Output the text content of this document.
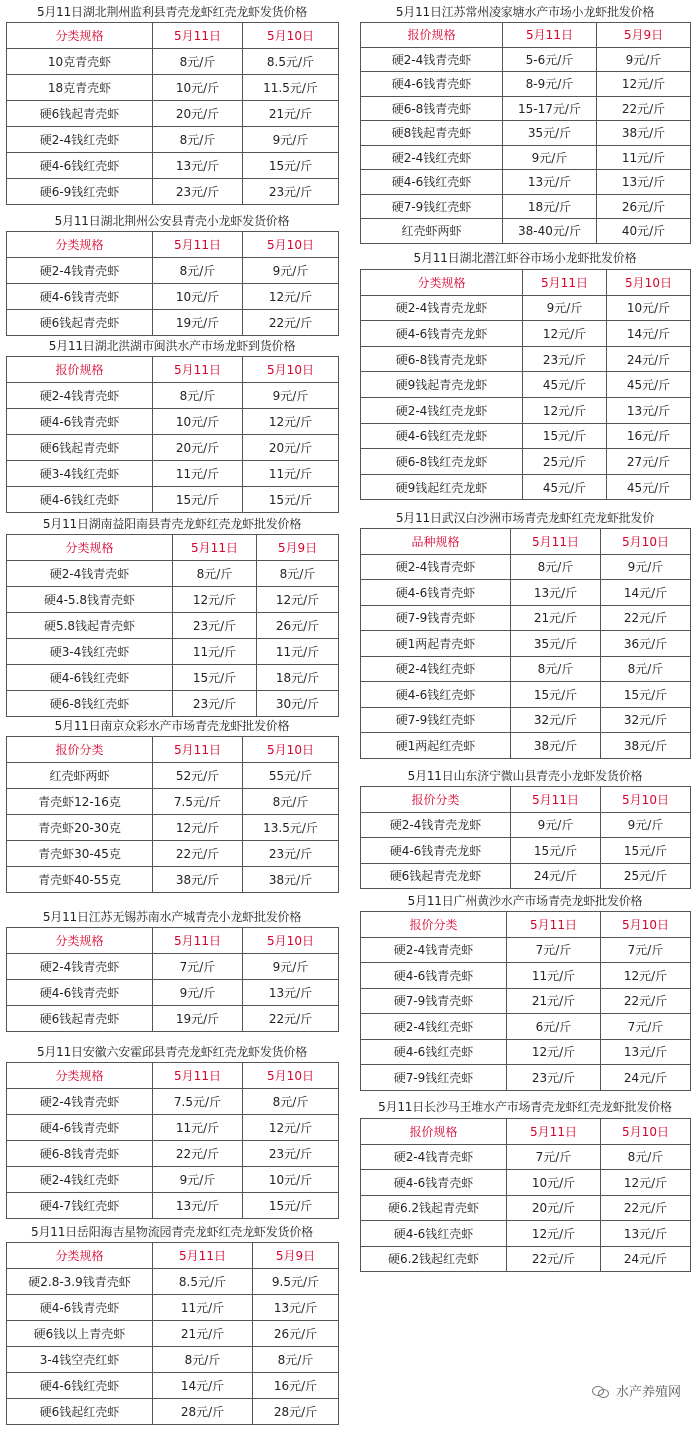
5月11日湖北荆州监利县青壳龙虾红壳龙虾发货价格
分类规格	5月11日	5月10日
10克青壳虾	8元/斤	8.5元/斤
18克青壳虾	10元/斤	11.5元/斤
硬6钱起青壳虾	20元/斤	21元/斤
硬2-4钱红壳虾	8元/斤	9元/斤
硬4-6钱红壳虾	13元/斤	15元/斤
硬6-9钱红壳虾	23元/斤	23元/斤
5月11日湖北荆州公安县青壳小龙虾发货价格
分类规格	5月11日	5月10日
硬2-4钱青壳虾	8元/斤	9元/斤
硬4-6钱青壳虾	10元/斤	12元/斤
硬6钱起青壳虾	19元/斤	22元/斤
5月11日湖北洪湖市闽洪水产市场龙虾到货价格
报价规格	5月11日	5月10日
硬2-4钱青壳虾	8元/斤	9元/斤
硬4-6钱青壳虾	10元/斤	12元/斤
硬6钱起青壳虾	20元/斤	20元/斤
硬3-4钱红壳虾	11元/斤	11元/斤
硬4-6钱红壳虾	15元/斤	15元/斤
5月11日湖南益阳南县青壳龙虾红壳龙虾批发价格
分类规格	5月11日	5月9日
硬2-4钱青壳虾	8元/斤	8元/斤
硬4-5.8钱青壳虾	12元/斤	12元/斤
硬5.8钱起青壳虾	23元/斤	26元/斤
硬3-4钱红壳虾	11元/斤	11元/斤
硬4-6钱红壳虾	15元/斤	18元/斤
硬6-8钱红壳虾	23元/斤	30元/斤
5月11日南京众彩水产市场青壳龙虾批发价格
报价分类	5月11日	5月10日
红壳虾两虾	52元/斤	55元/斤
青壳虾12-16克	7.5元/斤	8元/斤
青壳虾20-30克	12元/斤	13.5元/斤
青壳虾30-45克	22元/斤	23元/斤
青壳虾40-55克	38元/斤	38元/斤
5月11日江苏无锡苏南水产城青壳小龙虾批发价格
分类规格	5月11日	5月10日
硬2-4钱青壳虾	7元/斤	9元/斤
硬4-6钱青壳虾	9元/斤	13元/斤
硬6钱起青壳虾	19元/斤	22元/斤
5月11日安徽六安霍邱县青壳龙虾红壳龙虾发货价格
分类规格	5月11日	5月10日
硬2-4钱青壳虾	7.5元/斤	8元/斤
硬4-6钱青壳虾	11元/斤	12元/斤
硬6-8钱青壳虾	22元/斤	23元/斤
硬2-4钱红壳虾	9元/斤	10元/斤
硬4-7钱红壳虾	13元/斤	15元/斤
5月11日岳阳海吉星物流园青壳龙虾红壳龙虾发货价格
分类规格	5月11日	5月9日
硬2.8-3.9钱青壳虾	8.5元/斤	9.5元/斤
硬4-6钱青壳虾	11元/斤	13元/斤
硬6钱以上青壳虾	21元/斤	26元/斤
3-4钱空壳红虾	8元/斤	8元/斤
硬4-6钱红壳虾	14元/斤	16元/斤
硬6钱起红壳虾	28元/斤	28元/斤
5月11日江苏常州凌家塘水产市场小龙虾批发价格
报价规格	5月11日	5月9日
硬2-4钱青壳虾	5-6元/斤	9元/斤
硬4-6钱青壳虾	8-9元/斤	12元/斤
硬6-8钱青壳虾	15-17元/斤	22元/斤
硬8钱起青壳虾	35元/斤	38元/斤
硬2-4钱红壳虾	9元/斤	11元/斤
硬4-6钱红壳虾	13元/斤	13元/斤
硬7-9钱红壳虾	18元/斤	26元/斤
红壳虾两虾	38-40元/斤	40元/斤
5月11日湖北潜江虾谷市场小龙虾批发价格
分类规格	5月11日	5月10日
硬2-4钱青壳龙虾	9元/斤	10元/斤
硬4-6钱青壳龙虾	12元/斤	14元/斤
硬6-8钱青壳龙虾	23元/斤	24元/斤
硬9钱起青壳龙虾	45元/斤	45元/斤
硬2-4钱红壳龙虾	12元/斤	13元/斤
硬4-6钱红壳龙虾	15元/斤	16元/斤
硬6-8钱红壳龙虾	25元/斤	27元/斤
硬9钱起红壳龙虾	45元/斤	45元/斤
5月11日武汉白沙洲市场青壳龙虾红壳龙虾批发价
品种规格	5月11日	5月10日
硬2-4钱青壳虾	8元/斤	9元/斤
硬4-6钱青壳虾	13元/斤	14元/斤
硬7-9钱青壳虾	21元/斤	22元/斤
硬1两起青壳虾	35元/斤	36元/斤
硬2-4钱红壳虾	8元/斤	8元/斤
硬4-6钱红壳虾	15元/斤	15元/斤
硬7-9钱红壳虾	32元/斤	32元/斤
硬1两起红壳虾	38元/斤	38元/斤
5月11日山东济宁微山县青壳小龙虾发货价格
报价分类	5月11日	5月10日
硬2-4钱青壳龙虾	9元/斤	9元/斤
硬4-6钱青壳龙虾	15元/斤	15元/斤
硬6钱起青壳龙虾	24元/斤	25元/斤
5月11日广州黄沙水产市场青壳龙虾批发价格
报价分类	5月11日	5月10日
硬2-4钱青壳虾	7元/斤	7元/斤
硬4-6钱青壳虾	11元/斤	12元/斤
硬7-9钱青壳虾	21元/斤	22元/斤
硬2-4钱红壳虾	6元/斤	7元/斤
硬4-6钱红壳虾	12元/斤	13元/斤
硬7-9钱红壳虾	23元/斤	24元/斤
5月11日长沙马王堆水产市场青壳龙虾红壳龙虾批发价格
报价规格	5月11日	5月10日
硬2-4钱青壳虾	7元/斤	8元/斤
硬4-6钱青壳虾	10元/斤	12元/斤
硬6.2钱起青壳虾	20元/斤	22元/斤
硬4-6钱红壳虾	12元/斤	13元/斤
硬6.2钱起红壳虾	22元/斤	24元/斤
水产养殖网
